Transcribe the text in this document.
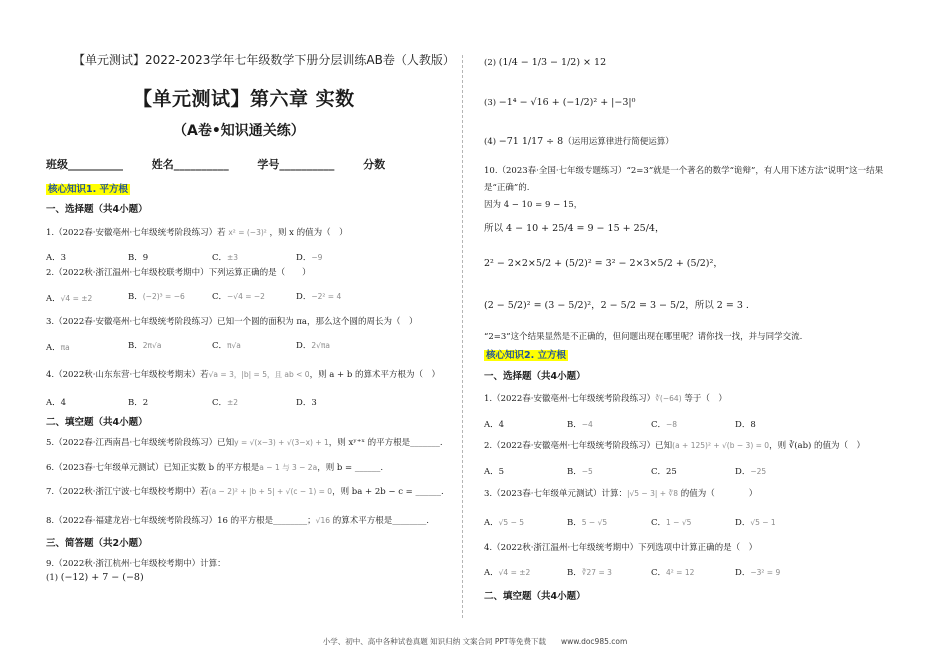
【单元测试】2022-2023学年七年级数学下册分层训练AB卷（人教版）
【单元测试】第六章 实数
（A卷•知识通关练）
班级__________	姓名__________	学号__________	分数
核心知识1. 平方根
一、选择题（共4小题）
1.（2022春·安徽亳州·七年级统考阶段练习）若 x² = (−3)² ，则 x 的值为（　）
A．3	B．9	C．±3	D．−9
2.（2022秋·浙江温州·七年级校联考期中）下列运算正确的是（　　）
A．√4 = ±2	B．(−2)³ = −6	C．−√4 = −2	D．−2² = 4
3.（2022春·安徽亳州·七年级统考阶段练习）已知一个圆的面积为 πa，那么这个圆的周长为（　）
A．πa	B．2π√a	C．π√a	D．2√πa
4.（2022秋·山东东营·七年级校考期末）若√a = 3，|b| = 5，且 ab < 0，则 a + b 的算术平方根为（　）
A．4	B．2	C．±2	D．3
二、填空题（共4小题）
5.（2022春·江西南昌·七年级统考阶段练习）已知y = √(x−3) + √(3−x) + 1，则 xʸ⁺ˣ 的平方根是_______.
6.（2023春·七年级单元测试）已知正实数 b 的平方根是a − 1 与 3 − 2a，则 b = ______.
7.（2022秋·浙江宁波·七年级校考期中）若(a − 2)² + |b + 5| + √(c − 1) = 0，则 ba + 2b − c = ______.
8.（2022春·福建龙岩·七年级统考阶段练习）16 的平方根是________；√16 的算术平方根是________.
三、简答题（共2小题）
9.（2022秋·浙江杭州·七年级校考期中）计算：
(1) (−12) + 7 − (−8)
(2) (1/4 − 1/3 − 1/2) × 12
(3) −1⁴ − √16 + (−1/2)² + |−3|⁰
(4) −71 1/17 ÷ 8（运用运算律进行简便运算）
10.（2023春·全国·七年级专题练习）“2=3”就是一个著名的数学“诡辩”，有人用下述方法“说明”这一结果
是“正确”的.
因为 4 − 10 = 9 − 15，
所以 4 − 10 + 25/4 = 9 − 15 + 25/4，
2² − 2×2×5/2 + (5/2)² = 3² − 2×3×5/2 + (5/2)²，
(2 − 5/2)² = (3 − 5/2)²，2 − 5/2 = 3 − 5/2，所以 2 = 3 .
“2=3”这个结果显然是不正确的，但问题出现在哪里呢？请你找一找，并与同学交流.
核心知识2. 立方根
一、选择题（共4小题）
1.（2022春·安徽亳州·七年级统考阶段练习）∛(−64) 等于（　）
A．4	B．−4	C．−8	D．8
2.（2022春·安徽亳州·七年级统考阶段练习）已知(a + 125)² + √(b − 3) = 0，则 ∛(ab) 的值为（　）
A．5	B．−5	C．25	D．−25
3.（2023春·七年级单元测试）计算：|√5 − 3| + ∛8 的值为（　　　　）
A．√5 − 5	B．5 − √5	C．1 − √5	D．√5 − 1
4.（2022秋·浙江温州·七年级统考期中）下列选项中计算正确的是（　）
A．√4 = ±2	B．∛27 = 3	C．4² = 12	D．−3² = 9
二、填空题（共4小题）
小学、初中、高中各种试卷真题 知识归纳 文案合同 PPT等免费下载　　www.doc985.com
